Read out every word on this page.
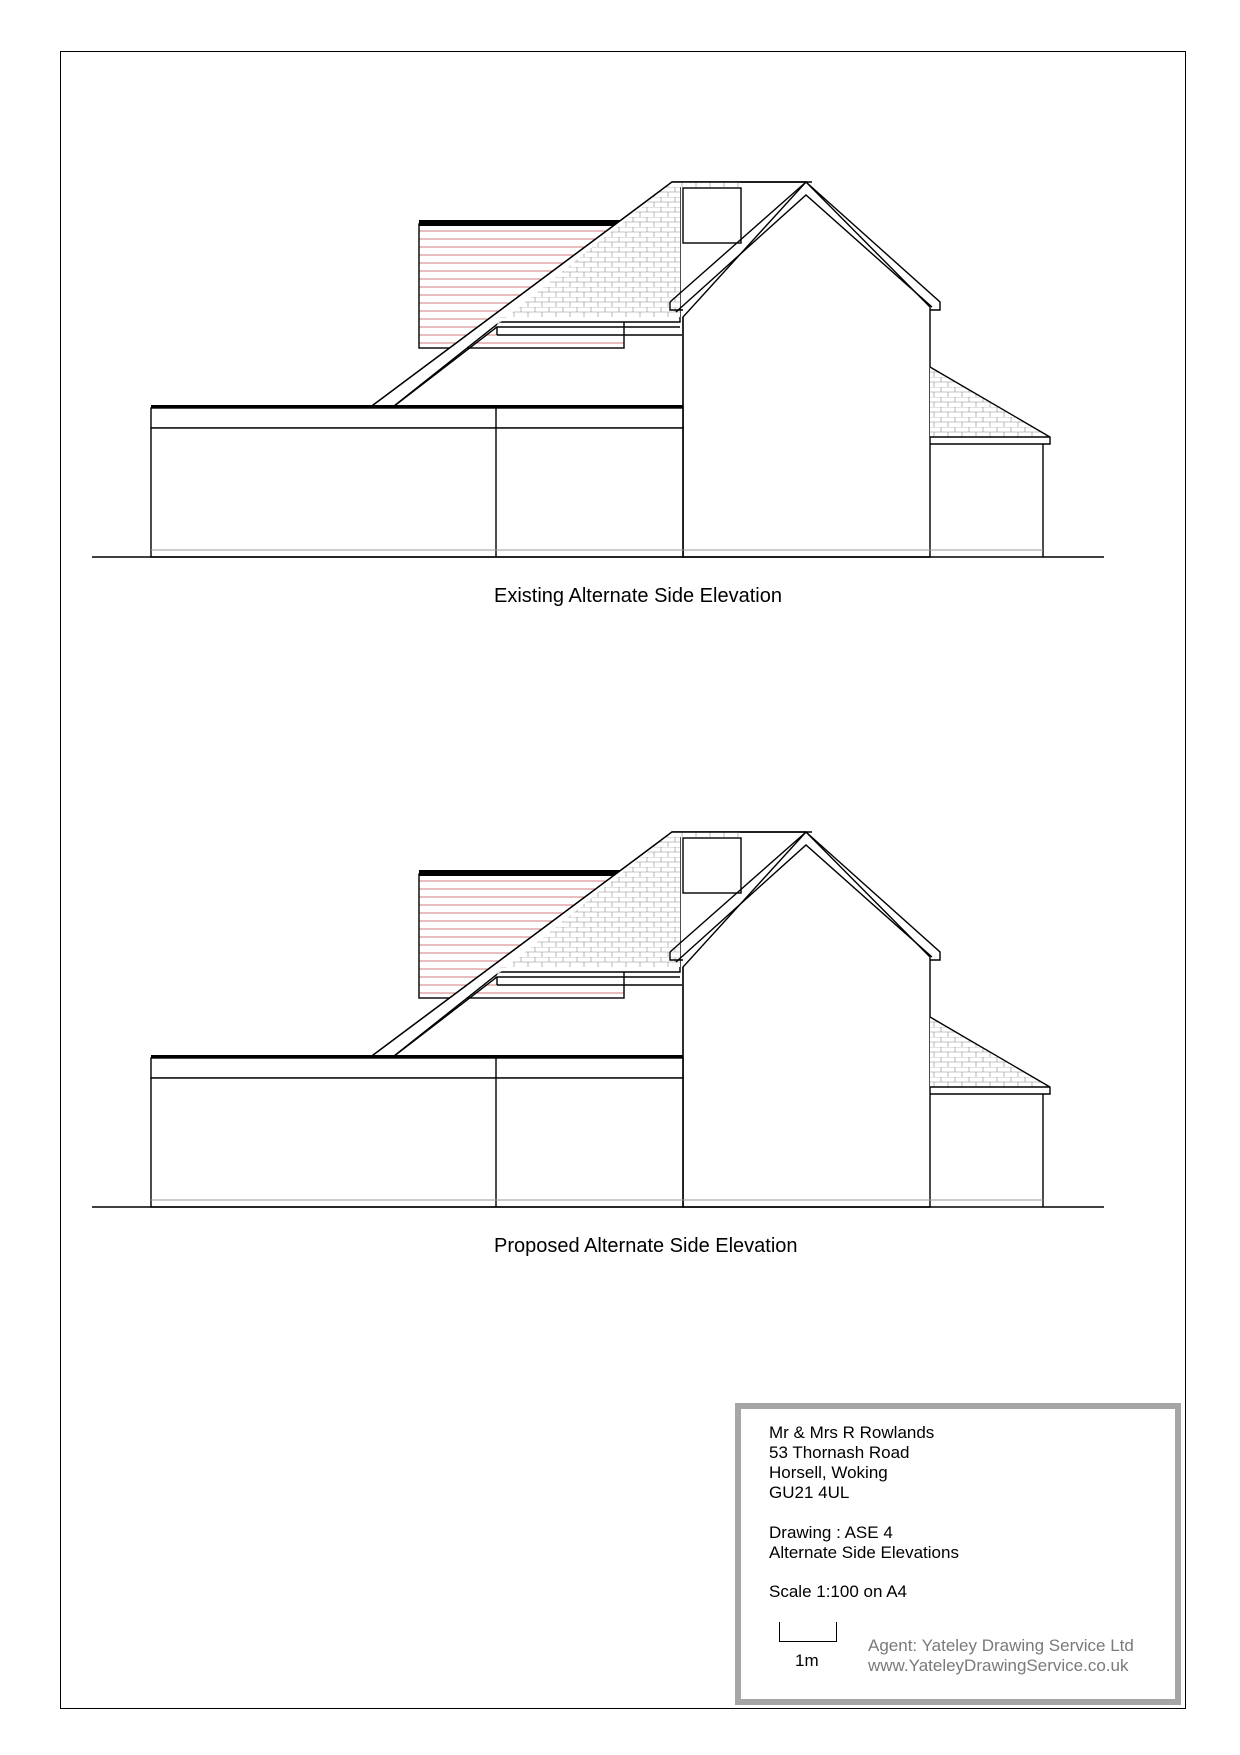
Existing Alternate Side Elevation
Proposed Alternate Side Elevation
Mr & Mrs R Rowlands
53 Thornash Road
Horsell, Woking
GU21 4UL
Drawing : ASE 4
Alternate Side Elevations
Scale 1:100 on A4
1m
Agent: Yateley Drawing Service Ltd
www.YateleyDrawingService.co.uk
